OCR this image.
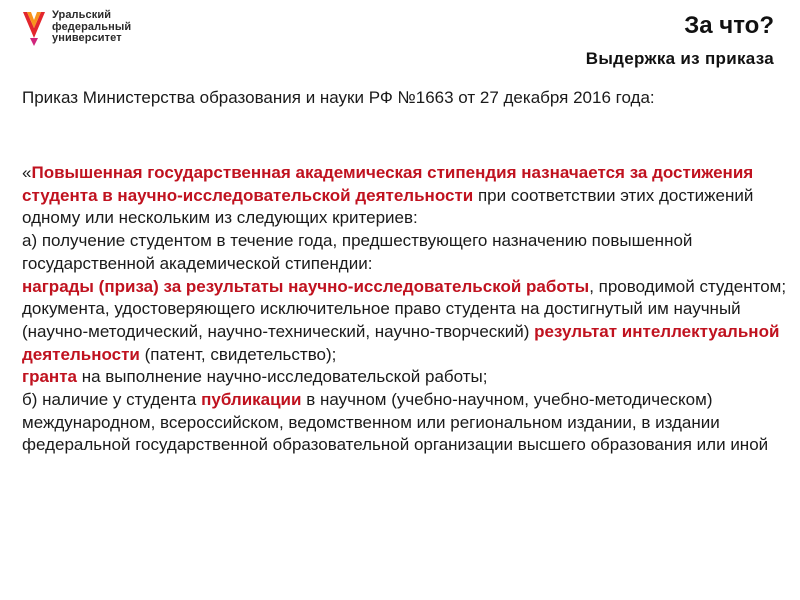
Уральский
федеральный
университет	За что?
Выдержка из приказа
Приказ Министерства образования и науки РФ №1663 от 27 декабря 2016 года:

«Повышенная государственная академическая стипендия назначается за достижения студента в научно-исследовательской деятельности при соответствии этих достижений одному или нескольким из следующих критериев:

а) получение студентом в течение года, предшествующего назначению повышенной государственной академической стипендии:

награды (приза) за результаты научно-исследовательской работы, проводимой студентом;

документа, удостоверяющего исключительное право студента на достигнутый им научный (научно-методический, научно-технический, научно-творческий) результат интеллектуальной деятельности (патент, свидетельство);

гранта на выполнение научно-исследовательской работы;

б) наличие у студента публикации в научном (учебно-научном, учебно-методическом) международном, всероссийском, ведомственном или региональном издании, в издании федеральной государственной образовательной организации высшего образования или иной
